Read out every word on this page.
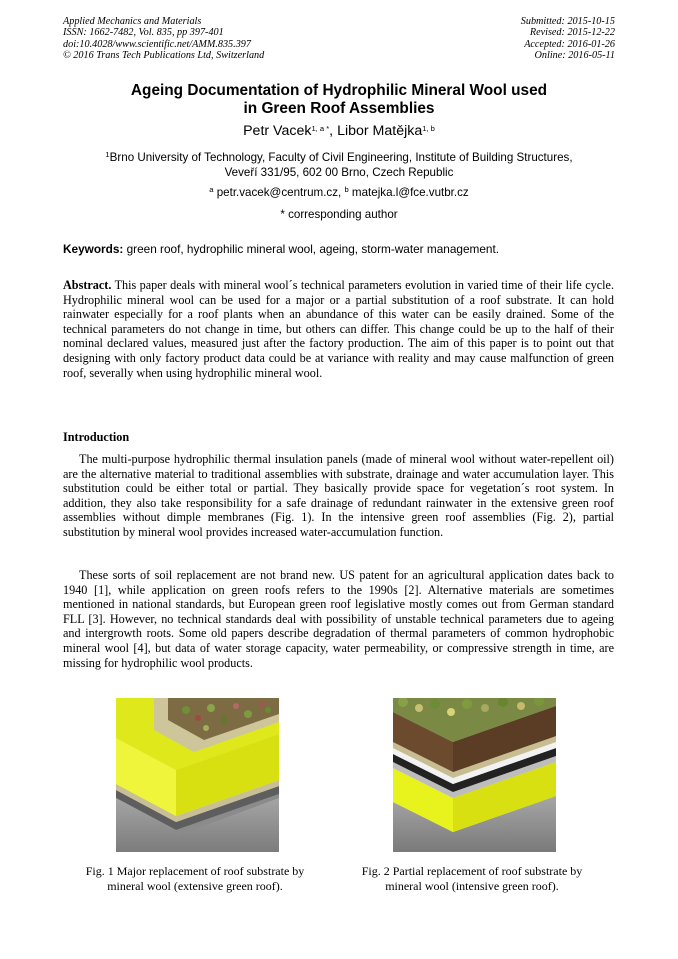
Applied Mechanics and Materials
ISSN: 1662-7482, Vol. 835, pp 397-401
doi:10.4028/www.scientific.net/AMM.835.397
© 2016 Trans Tech Publications Ltd, Switzerland
Submitted: 2015-10-15
Revised: 2015-12-22
Accepted: 2016-01-26
Online: 2016-05-11
Ageing Documentation of Hydrophilic Mineral Wool used
in Green Roof Assemblies
Petr Vacek$^{1, a *}$, Libor Matějka$^{1, b}$
$^1$Brno University of Technology, Faculty of Civil Engineering, Institute of Building Structures,
Veveří 331/95, 602 00 Brno, Czech Republic
$^a$ petr.vacek@centrum.cz, $^b$ matejka.l@fce.vutbr.cz
* corresponding author
Keywords: green roof, hydrophilic mineral wool, ageing, storm-water management.
Abstract. This paper deals with mineral wool´s technical parameters evolution in varied time of their life cycle. Hydrophilic mineral wool can be used for a major or a partial substitution of a roof substrate. It can hold rainwater especially for a roof plants when an abundance of this water can be easily drained. Some of the technical parameters do not change in time, but others can differ. This change could be up to the half of their nominal declared values, measured just after the factory production. The aim of this paper is to point out that designing with only factory product data could be at variance with reality and may cause malfunction of green roof, severally when using hydrophilic mineral wool.
Introduction
The multi-purpose hydrophilic thermal insulation panels (made of mineral wool without water-repellent oil) are the alternative material to traditional assemblies with substrate, drainage and water accumulation layer. This substitution could be either total or partial. They basically provide space for vegetation´s root system. In addition, they also take responsibility for a safe drainage of redundant rainwater in the extensive green roof assemblies without dimple membranes (Fig. 1). In the intensive green roof assemblies (Fig. 2), partial substitution by mineral wool provides increased water-accumulation function.
These sorts of soil replacement are not brand new. US patent for an agricultural application dates back to 1940 [1], while application on green roofs refers to the 1990s [2]. Alternative materials are sometimes mentioned in national standards, but European green roof legislative mostly comes out from German standard FLL [3]. However, no technical standards deal with possibility of unstable technical parameters due to ageing and intergrowth roots. Some old papers describe degradation of thermal parameters of common hydrophobic mineral wool [4], but data of water storage capacity, water permeability, or compressive strength in time, are missing for hydrophilic wool products.
Fig. 1 Major replacement of roof substrate by
mineral wool (extensive green roof).
Fig. 2 Partial replacement of roof substrate by
mineral wool (intensive green roof).
